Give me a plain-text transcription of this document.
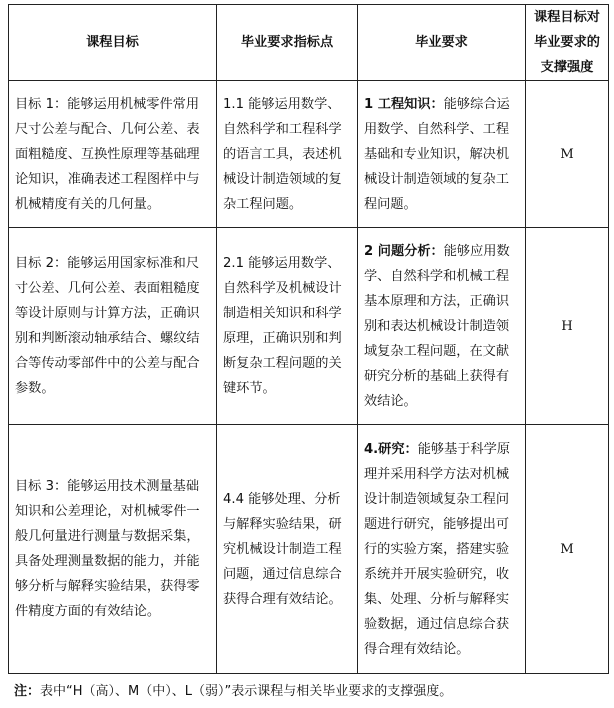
课程目标	毕业要求指标点	毕业要求	课程目标对毕业要求的支撑强度
目标 1：能够运用机械零件常用尺寸公差与配合、几何公差、表面粗糙度、互换性原理等基础理论知识，准确表述工程图样中与机械精度有关的几何量。	1.1 能够运用数学、自然科学和工程科学的语言工具，表述机械设计制造领域的复杂工程问题。	1 工程知识：能够综合运用数学、自然科学、工程基础和专业知识，解决机械设计制造领域的复杂工程问题。	M
目标 2：能够运用国家标准和尺寸公差、几何公差、表面粗糙度等设计原则与计算方法，正确识别和判断滚动轴承结合、螺纹结合等传动零部件中的公差与配合参数。	2.1 能够运用数学、自然科学及机械设计制造相关知识和科学原理，正确识别和判断复杂工程问题的关键环节。	2 问题分析：能够应用数学、自然科学和机械工程基本原理和方法，正确识别和表达机械设计制造领域复杂工程问题，在文献研究分析的基础上获得有效结论。	H
目标 3：能够运用技术测量基础知识和公差理论，对机械零件一般几何量进行测量与数据采集，具备处理测量数据的能力，并能够分析与解释实验结果，获得零件精度方面的有效结论。	4.4 能够处理、分析与解释实验结果，研究机械设计制造工程问题，通过信息综合获得合理有效结论。	4.研究：能够基于科学原理并采用科学方法对机械设计制造领域复杂工程问题进行研究，能够提出可行的实验方案，搭建实验系统并开展实验研究，收集、处理、分析与解释实验数据，通过信息综合获得合理有效结论。	M
注：表中“H（高）、M（中）、L（弱）”表示课程与相关毕业要求的支撑强度。
